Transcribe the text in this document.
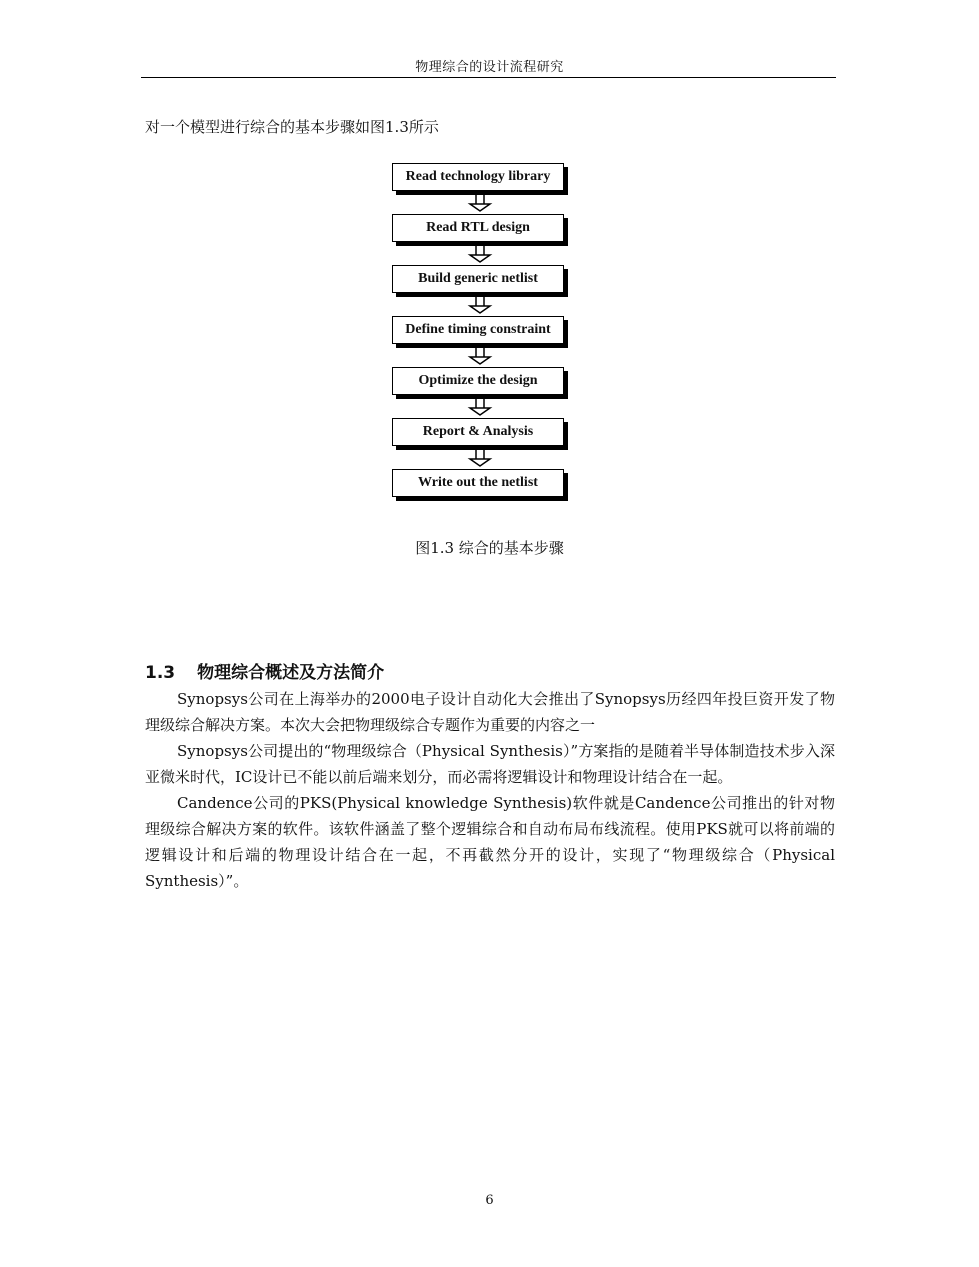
物理综合的设计流程研究

对一个模型进行综合的基本步骤如图1.3所示

Read technology library
Read RTL design
Build generic netlist
Define timing constraint
Optimize the design
Report & Analysis
Write out the netlist
图1.3 综合的基本步骤
1.3 物理综合概述及方法简介

Synopsys公司在上海举办的2000电子设计自动化大会推出了Synopsys历经四年投巨资开发了物理级综合解决方案。本次大会把物理级综合专题作为重要的内容之一

Synopsys公司提出的“物理级综合（Physical Synthesis）”方案指的是随着半导体制造技术步入深亚微米时代，IC设计已不能以前后端来划分，而必需将逻辑设计和物理设计结合在一起。

Candence公司的PKS(Physical knowledge Synthesis)软件就是Candence公司推出的针对物理级综合解决方案的软件。该软件涵盖了整个逻辑综合和自动布局布线流程。使用PKS就可以将前端的逻辑设计和后端的物理设计结合在一起，不再截然分开的设计，实现了“物理级综合（Physical Synthesis）”。

6
